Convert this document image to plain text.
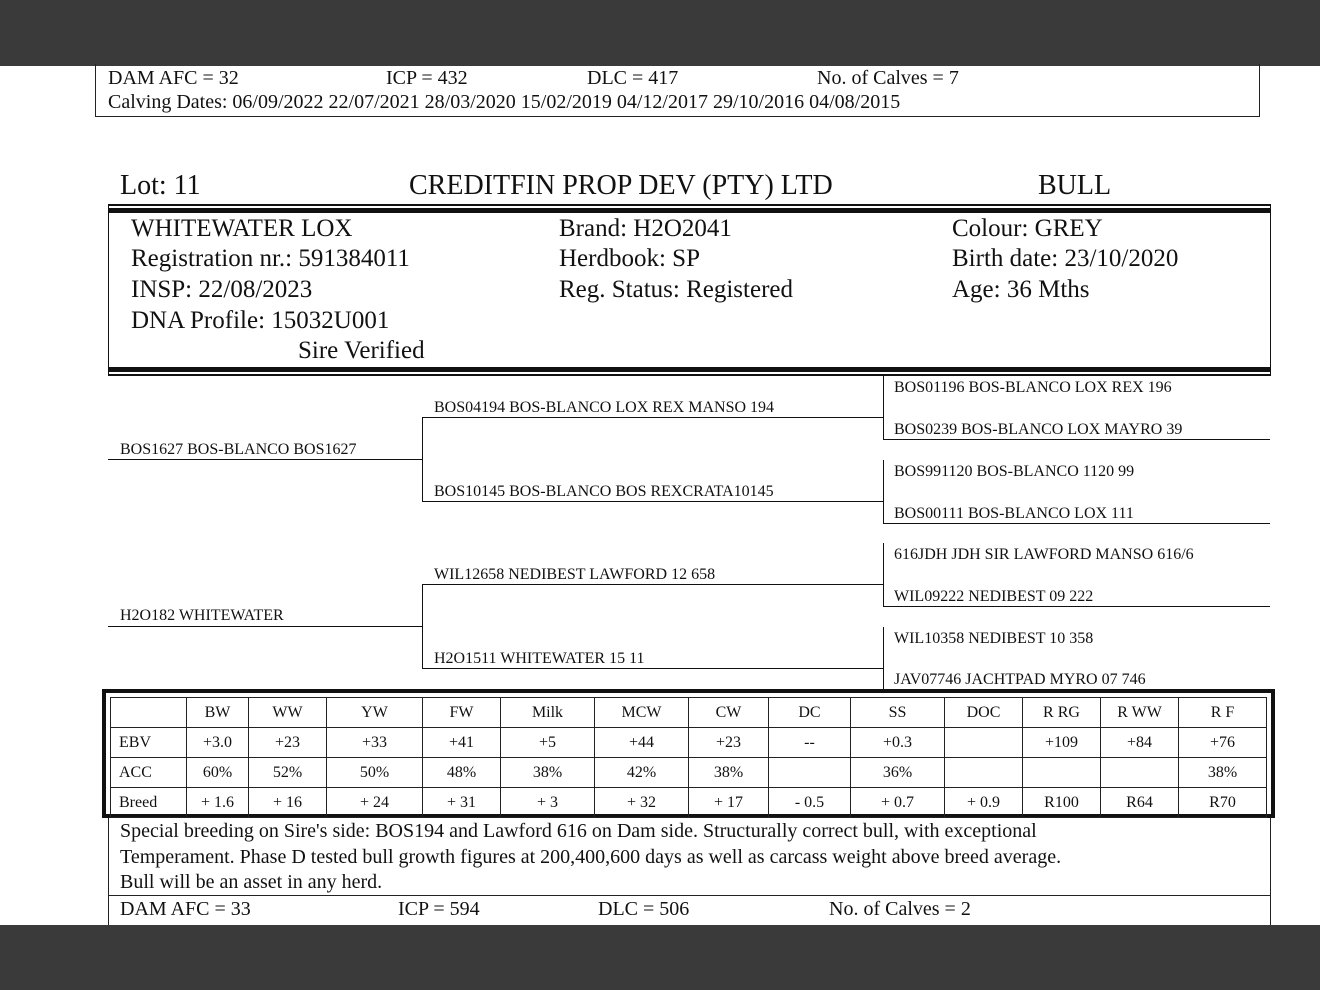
DAM AFC = 32	ICP = 432	DLC = 417	No. of Calves = 7
Calving Dates: 06/09/2022 22/07/2021 28/03/2020 15/02/2019 04/12/2017 29/10/2016 04/08/2015
Lot: 11	CREDITFIN PROP DEV (PTY) LTD	BULL
WHITEWATER LOX
Registration nr.: 591384011
INSP: 22/08/2023
DNA Profile: 15032U001
Sire Verified
Brand: H2O2041
Herdbook: SP
Reg. Status: Registered
Colour: GREY
Birth date: 23/10/2020
Age: 36 Mths
BOS1627 BOS-BLANCO BOS1627
H2O182 WHITEWATER
BOS04194 BOS-BLANCO LOX REX MANSO 194
BOS10145 BOS-BLANCO BOS REXCRATA10145
WIL12658 NEDIBEST LAWFORD 12 658
H2O1511 WHITEWATER 15 11
BOS01196 BOS-BLANCO LOX REX 196
BOS0239 BOS-BLANCO LOX MAYRO 39
BOS991120 BOS-BLANCO 1120 99
BOS00111 BOS-BLANCO LOX 111
616JDH JDH SIR LAWFORD MANSO 616/6
WIL09222 NEDIBEST 09 222
WIL10358 NEDIBEST 10 358
JAV07746 JACHTPAD MYRO 07 746
	BW	WW	YW	FW	Milk	MCW	CW	DC	SS	DOC	R RG	R WW	R F
EBV	+3.0	+23	+33	+41	+5	+44	+23	--	+0.3		+109	+84	+76
ACC	60%	52%	50%	48%	38%	42%	38%		36%				38%
Breed	+ 1.6	+ 16	+ 24	+ 31	+ 3	+ 32	+ 17	- 0.5	+ 0.7	+ 0.9	R100	R64	R70
Special breeding on Sire's side: BOS194 and Lawford 616 on Dam side. Structurally correct bull, with exceptional
Temperament. Phase D tested bull growth figures at 200,400,600 days as well as carcass weight above breed average.
Bull will be an asset in any herd.
DAM AFC = 33	ICP = 594	DLC = 506	No. of Calves = 2
